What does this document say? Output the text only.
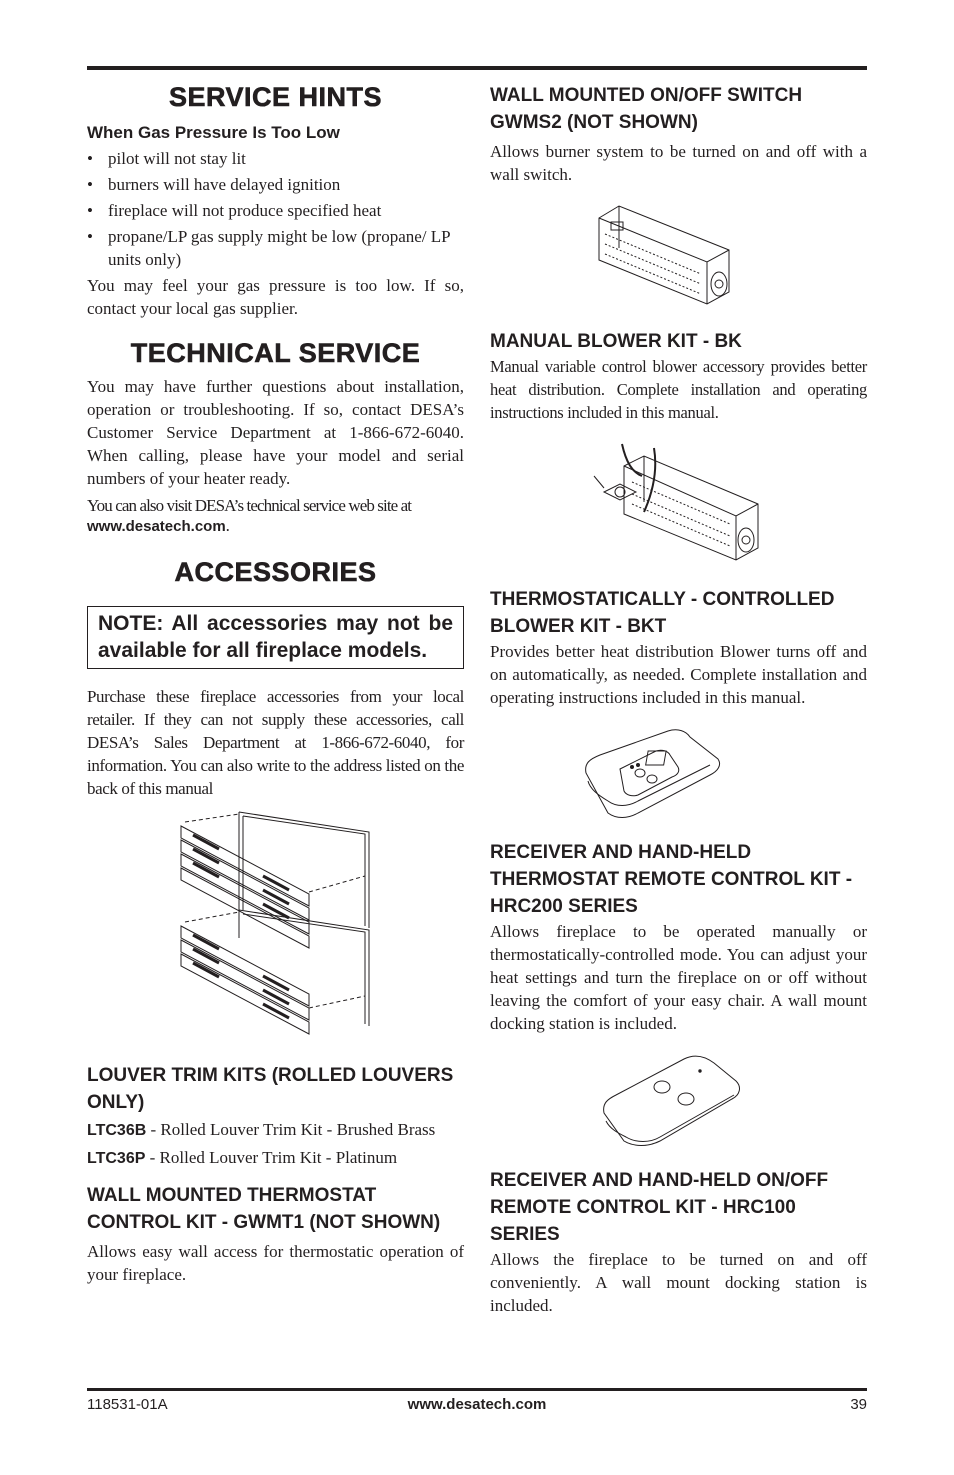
SERVICE HINTS
When Gas Pressure Is Too Low
• pilot will not stay lit
• burners will have delayed ignition
• fireplace will not produce specified heat
• propane/LP gas supply might be low (propane/ LP units only)

You may feel your gas pressure is too low. If so, contact your local gas supplier.

TECHNICAL SERVICE

You may have further questions about installation, operation or troubleshooting. If so, contact DESA’s Customer Service Department at 1-866-672-6040. When calling, please have your model and serial numbers of your heater ready.

You can also visit DESA’s technical service web site at
www.desatech.com.

ACCESSORIES
NOTE: All accessories may not be available for all fireplace models.

Purchase these fireplace accessories from your local retailer. If they can not supply these accessories, call DESA’s Sales Department at 1-866-672-6040, for information. You can also write to the address listed on the back of this manual

LOUVER TRIM KITS (ROLLED LOUVERS ONLY)

LTC36B - Rolled Louver Trim Kit - Brushed Brass

LTC36P - Rolled Louver Trim Kit - Platinum

WALL MOUNTED THERMOSTAT CONTROL KIT - GWMT1 (NOT SHOWN)

Allows easy wall access for thermostatic operation of your fireplace.

WALL MOUNTED ON/OFF SWITCH GWMS2 (NOT SHOWN)

Allows burner system to be turned on and off with a wall switch.

MANUAL BLOWER KIT - BK

Manual variable control blower accessory provides better heat distribution. Complete installation and operating instructions included in this manual.

THERMOSTATICALLY - CONTROLLED BLOWER KIT - BKT

Provides better heat distribution Blower turns off and on automatically, as needed. Complete installation and operating instructions included in this manual.

RECEIVER AND HAND-HELD THERMOSTAT REMOTE CONTROL KIT - HRC200 SERIES

Allows fireplace to be operated manually or thermostatically-controlled mode. You can adjust your heat settings and turn the fireplace on or off without leaving the comfort of your easy chair. A wall mount docking station is included.

RECEIVER AND HAND-HELD ON/OFF REMOTE CONTROL KIT - HRC100 SERIES

Allows the fireplace to be turned on and off conveniently. A wall mount docking station is included.

118531-01A	www.desatech.com	39
